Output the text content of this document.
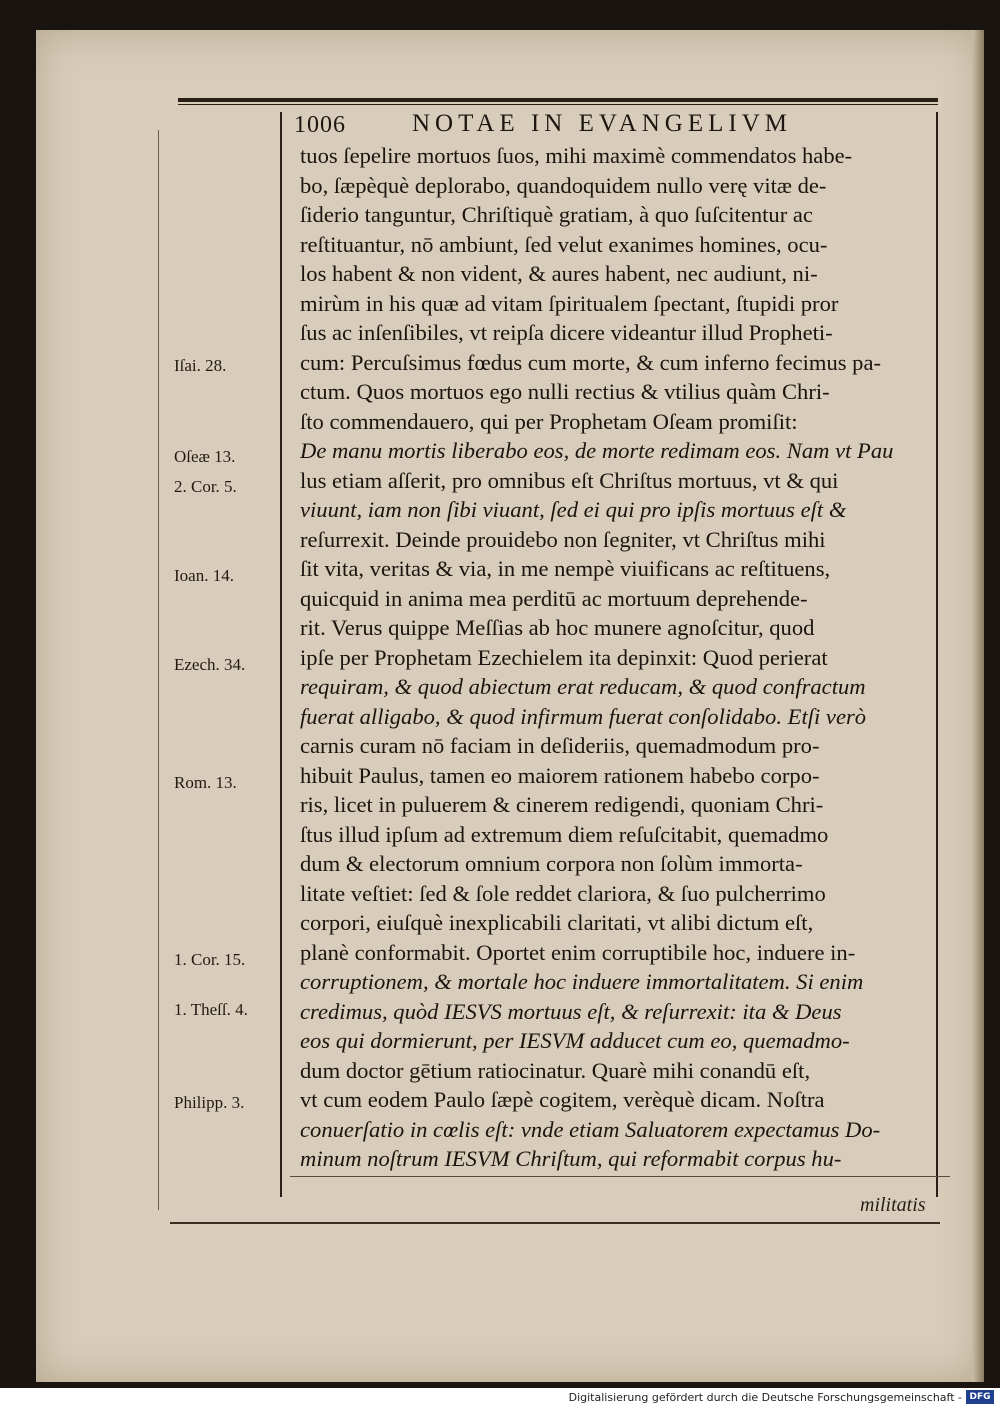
1006	NOTAE IN EVANGELIVM
tuos ſepelire mortuos ſuos, mihi maximè commendatos habe-
bo, ſæpèquè deplorabo, quandoquidem nullo verę vitæ de-
ſiderio tanguntur, Chriſtiquè gratiam, à quo ſuſcitentur ac
reſtituantur, nō ambiunt, ſed velut exanimes homines, ocu-
los habent & non vident, & aures habent, nec audiunt, ni-
mirùm in his quæ ad vitam ſpiritualem ſpectant, ſtupidi pror
ſus ac inſenſibiles, vt reipſa dicere videantur illud Propheti-
cum: Percuſsimus fœdus cum morte, & cum inferno fecimus pa-
ctum. Quos mortuos ego nulli rectius & vtilius quàm Chri-
ſto commendauero, qui per Prophetam Oſeam promiſit:
De manu mortis liberabo eos, de morte redimam eos. Nam vt Pau
lus etiam aſſerit, pro omnibus eſt Chriſtus mortuus, vt & qui
viuunt, iam non ſibi viuant, ſed ei qui pro ipſis mortuus eſt &
reſurrexit. Deinde prouidebo non ſegniter, vt Chriſtus mihi
ſit vita, veritas & via, in me nempè viuificans ac reſtituens,
quicquid in anima mea perditū ac mortuum deprehende-
rit. Verus quippe Meſſias ab hoc munere agnoſcitur, quod
ipſe per Prophetam Ezechielem ita depinxit: Quod perierat
requiram, & quod abiectum erat reducam, & quod confractum
fuerat alligabo, & quod infirmum fuerat conſolidabo. Etſi verò
carnis curam nō faciam in deſideriis, quemadmodum pro-
hibuit Paulus, tamen eo maiorem rationem habebo corpo-
ris, licet in puluerem & cinerem redigendi, quoniam Chri-
ſtus illud ipſum ad extremum diem reſuſcitabit, quemadmo
dum & electorum omnium corpora non ſolùm immorta-
litate veſtiet: ſed & ſole reddet clariora, & ſuo pulcherrimo
corpori, eiuſquè inexplicabili claritati, vt alibi dictum eſt,
planè conformabit. Oportet enim corruptibile hoc, induere in-
corruptionem, & mortale hoc induere immortalitatem. Si enim
credimus, quòd IESVS mortuus eſt, & reſurrexit: ita & Deus
eos qui dormierunt, per IESVM adducet cum eo, quemadmo-
dum doctor gētium ratiocinatur. Quarè mihi conandū eſt,
vt cum eodem Paulo ſæpè cogitem, verèquè dicam. Noſtra
conuerſatio in cœlis eſt: vnde etiam Saluatorem expectamus Do-
minum noſtrum IESVM Chriſtum, qui reformabit corpus hu-
Iſai. 28.
Oſeæ 13.
2. Cor. 5.
Ioan. 14.
Ezech. 34.
Rom. 13.
1. Cor. 15.
1. Theſſ. 4.
Philipp. 3.
militatis
Digitalisierung gefördert durch die Deutsche Forschungsgemeinschaft - DFG
